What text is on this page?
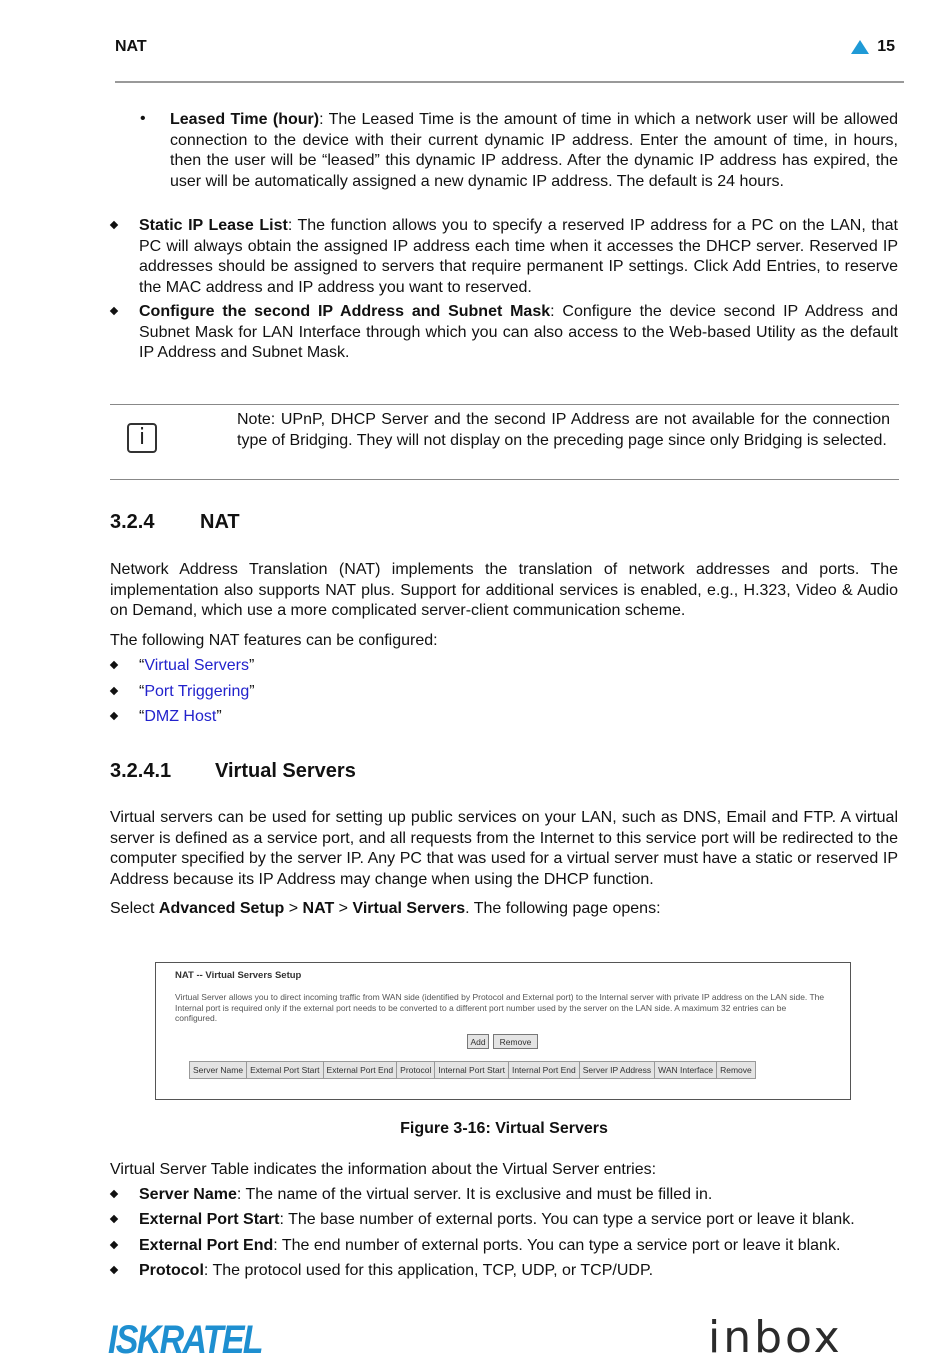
NAT	15
• Leased Time (hour): The Leased Time is the amount of time in which a network user will be allowed connection to the device with their current dynamic IP address. Enter the amount of time, in hours, then the user will be “leased” this dynamic IP address. After the dynamic IP address has expired, the user will be automatically assigned a new dynamic IP address. The default is 24 hours.
Static IP Lease List: The function allows you to specify a reserved IP address for a PC on the LAN, that PC will always obtain the assigned IP address each time when it accesses the DHCP server. Reserved IP addresses should be assigned to servers that require permanent IP settings. Click Add Entries, to reserve the MAC address and IP address you want to reserved.
Configure the second IP Address and Subnet Mask: Configure the device second IP Address and Subnet Mask for LAN Interface through which you can also access to the Web-based Utility as the default IP Address and Subnet Mask.
i
Note: UPnP, DHCP Server and the second IP Address are not available for the connection type of Bridging. They will not display on the preceding page since only Bridging is selected.
3.2.4 NAT
Network Address Translation (NAT) implements the translation of network addresses and ports. The implementation also supports NAT plus. Support for additional services is enabled, e.g., H.323, Video & Audio on Demand, which use a more complicated server-client communication scheme.
The following NAT features can be configured:
“Virtual Servers”
“Port Triggering”
“DMZ Host”
3.2.4.1 Virtual Servers
Virtual servers can be used for setting up public services on your LAN, such as DNS, Email and FTP. A virtual server is defined as a service port, and all requests from the Internet to this service port will be redirected to the computer specified by the server IP. Any PC that was used for a virtual server must have a static or reserved IP Address because its IP Address may change when using the DHCP function.
Select Advanced Setup > NAT > Virtual Servers. The following page opens:
NAT -- Virtual Servers Setup
Virtual Server allows you to direct incoming traffic from WAN side (identified by Protocol and External port) to the Internal server with private IP address on the LAN side. The Internal port is required only if the external port needs to be converted to a different port number used by the server on the LAN side. A maximum 32 entries can be configured.
Add	Remove
Server Name	External Port Start	External Port End	Protocol	Internal Port Start	Internal Port End	Server IP Address	WAN Interface	Remove
Figure 3-16: Virtual Servers
Virtual Server Table indicates the information about the Virtual Server entries:
Server Name: The name of the virtual server. It is exclusive and must be filled in.
External Port Start: The base number of external ports. You can type a service port or leave it blank.
External Port End: The end number of external ports. You can type a service port or leave it blank.
Protocol: The protocol used for this application, TCP, UDP, or TCP/UDP.
ISKRATEL	inbox
